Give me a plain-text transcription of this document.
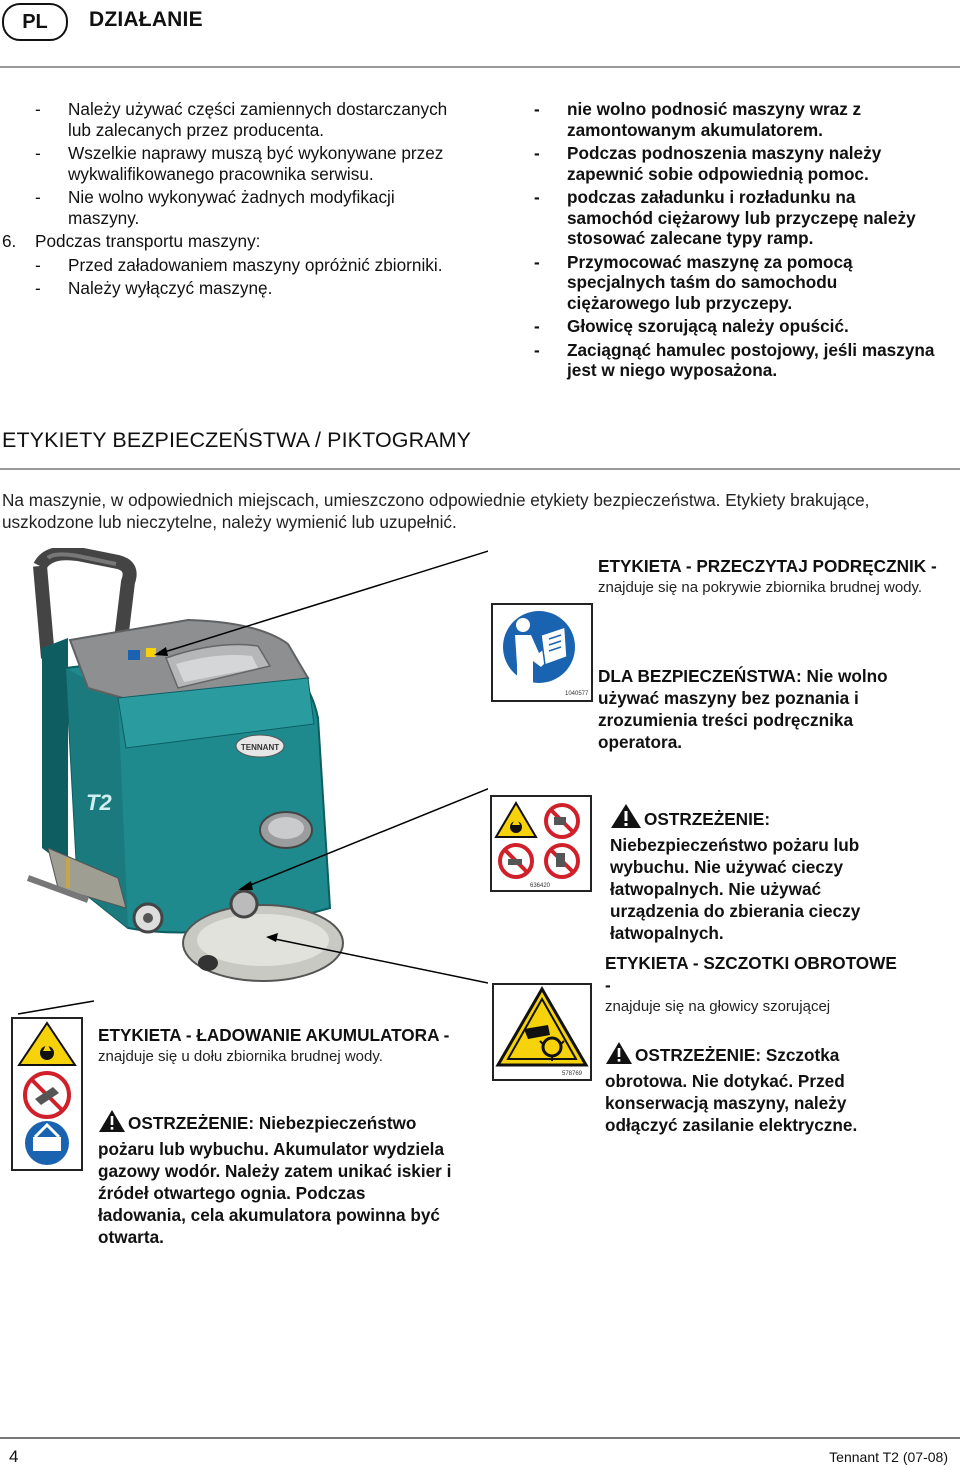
PL DZIAŁANIE
- Należy używać części zamiennych dostarczanych lub zalecanych przez producenta.
- Wszelkie naprawy muszą być wykonywane przez wykwalifikowanego pracownika serwisu.
- Nie wolno wykonywać żadnych modyfikacji maszyny.
6. Podczas transportu maszyny:
- Przed załadowaniem maszyny opróżnić zbiorniki.
- Należy wyłączyć maszynę.
- nie wolno podnosić maszyny wraz z zamontowanym akumulatorem.
- Podczas podnoszenia maszyny należy zapewnić sobie odpowiednią pomoc.
- podczas załadunku i rozładunku na samochód ciężarowy lub przyczepę należy stosować zalecane typy ramp.
- Przymocować maszynę za pomocą specjalnych taśm do samochodu ciężarowego lub przyczepy.
- Głowicę szorującą należy opuścić.
- Zaciągnąć hamulec postojowy, jeśli maszyna jest w niego wyposażona.
ETYKIETY BEZPIECZEŃSTWA / PIKTOGRAMY
Na maszynie, w odpowiednich miejscach, umieszczono odpowiednie etykiety bezpieczeństwa. Etykiety brakujące, uszkodzone lub nieczytelne, należy wymienić lub uzupełnić.
TENNANT
T2
1040577
ETYKIETA - PRZECZYTAJ PODRĘCZNIK -
znajduje się na pokrywie zbiornika brudnej wody.
DLA BEZPIECZEŃSTWA: Nie wolno używać maszyny bez poznania i zrozumienia treści podręcznika operatora.
636420
OSTRZEŻENIE: Niebezpieczeństwo pożaru lub wybuchu. Nie używać cieczy łatwopalnych. Nie używać urządzenia do zbierania cieczy łatwopalnych.
578769
ETYKIETA - SZCZOTKI OBROTOWE -
znajduje się na głowicy szorującej
OSTRZEŻENIE: Szczotka obrotowa. Nie dotykać. Przed konserwacją maszyny, należy odłączyć zasilanie elektryczne.
ETYKIETA - ŁADOWANIE AKUMULATORA -
znajduje się u dołu zbiornika brudnej wody.
OSTRZEŻENIE: Niebezpieczeństwo pożaru lub wybuchu. Akumulator wydziela gazowy wodór. Należy zatem unikać iskier i źródeł otwartego ognia. Podczas ładowania, cela akumulatora powinna być otwarta.
4	Tennant T2 (07-08)
